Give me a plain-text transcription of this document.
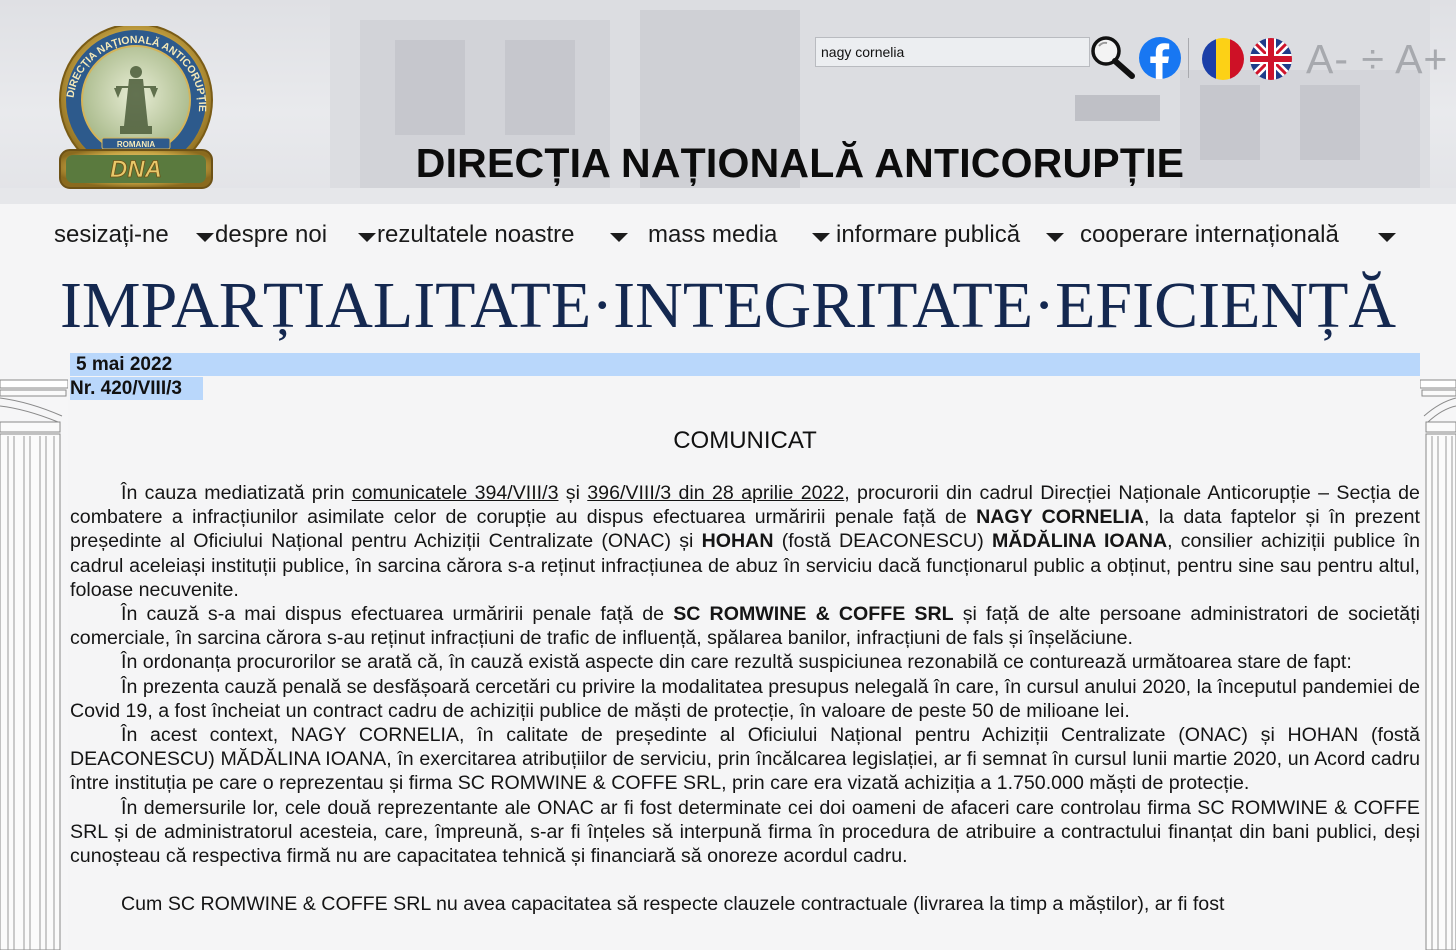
DIRECȚIA NAȚIONALĂ ANTICORUPȚIE
ROMANIA
DNA	DIRECȚIA NAȚIONALĂ ANTICORUPȚIE
nagy cornelia
A- ÷ A+
sesizați-ne despre noi rezultatele noastre	mass media informare publică cooperare internațională
IMPARȚIALITATE·INTEGRITATE·EFICIENȚĂ
5 mai 2022
Nr. 420/VIII/3
COMUNICAT

În cauza mediatizată prin comunicatele 394/VIII/3 și 396/VIII/3 din 28 aprilie 2022, procurorii din cadrul Direcției Naționale Anticorupție – Secția de combatere a infracțiunilor asimilate celor de corupție au dispus efectuarea urmăririi penale față de NAGY CORNELIA, la data faptelor și în prezent președinte al Oficiului Național pentru Achiziții Centralizate (ONAC) și HOHAN (fostă DEACONESCU) MĂDĂLINA IOANA, consilier achiziții publice în cadrul aceleiași instituții publice, în sarcina cărora s-a reținut infracțiunea de abuz în serviciu dacă funcționarul public a obținut, pentru sine sau pentru altul, foloase necuvenite.

În cauză s-a mai dispus efectuarea urmăririi penale față de SC ROMWINE & COFFE SRL și față de alte persoane administratori de societăți comerciale, în sarcina cărora s-au reținut infracțiuni de trafic de influență, spălarea banilor, infracțiuni de fals și înșelăciune.

În ordonanța procurorilor se arată că, în cauză există aspecte din care rezultă suspiciunea rezonabilă ce conturează următoarea stare de fapt:

În prezenta cauză penală se desfășoară cercetări cu privire la modalitatea presupus nelegală în care, în cursul anului 2020, la începutul pandemiei de Covid 19, a fost încheiat un contract cadru de achiziții publice de măști de protecție, în valoare de peste 50 de milioane lei.

În acest context, NAGY CORNELIA, în calitate de președinte al Oficiului Național pentru Achiziții Centralizate (ONAC) și HOHAN (fostă DEACONESCU) MĂDĂLINA IOANA, în exercitarea atribuțiilor de serviciu, prin încălcarea legislației, ar fi semnat în cursul lunii martie 2020, un Acord cadru între instituția pe care o reprezentau și firma SC ROMWINE & COFFE SRL, prin care era vizată achiziția a 1.750.000 măști de protecție.

În demersurile lor, cele două reprezentante ale ONAC ar fi fost determinate cei doi oameni de afaceri care controlau firma SC ROMWINE & COFFE SRL și de administratorul acesteia, care, împreună, s-ar fi înțeles să interpună firma în procedura de atribuire a contractului finanțat din bani publici, deși cunoșteau că respectiva firmă nu are capacitatea tehnică și financiară să onoreze acordul cadru.

Cum SC ROMWINE & COFFE SRL nu avea capacitatea să respecte clauzele contractuale (livrarea la timp a măștilor), ar fi fost
